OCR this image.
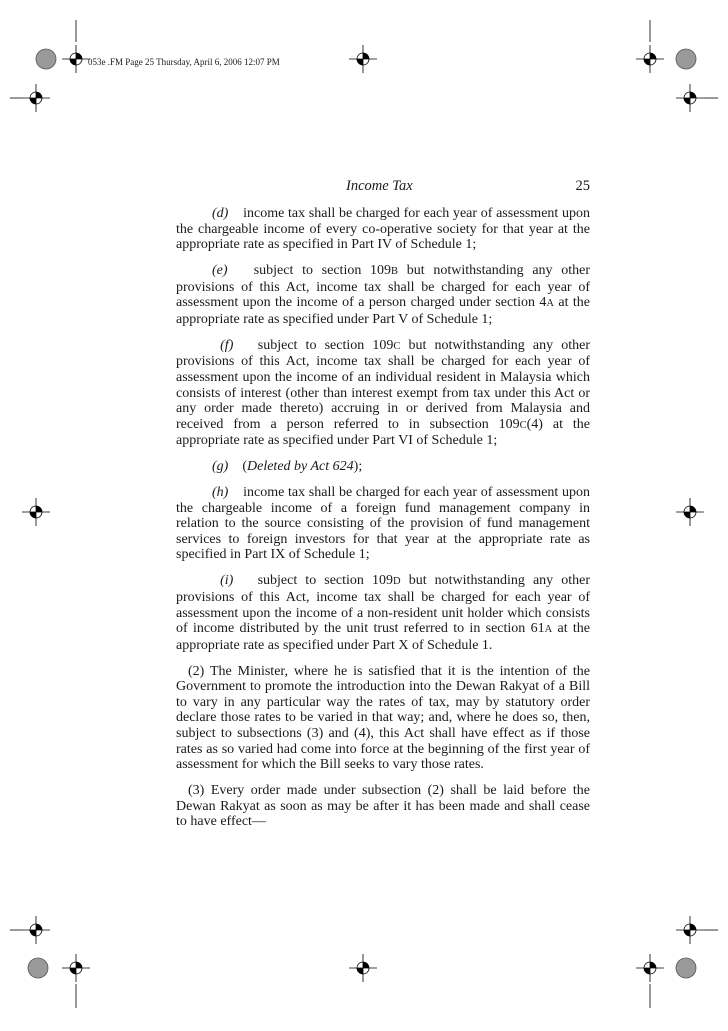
053e .FM Page 25 Thursday, April 6, 2006 12:07 PM
Income Tax	25

(d) income tax shall be charged for each year of assessment upon the chargeable income of every co-operative society for that year at the appropriate rate as specified in Part IV of Schedule 1;

(e) subject to section 109B but notwithstanding any other provisions of this Act, income tax shall be charged for each year of assessment upon the income of a person charged under section 4A at the appropriate rate as specified under Part V of Schedule 1;

(f) subject to section 109C but notwithstanding any other provisions of this Act, income tax shall be charged for each year of assessment upon the income of an individual resident in Malaysia which consists of interest (other than interest exempt from tax under this Act or any order made thereto) accruing in or derived from Malaysia and received from a person referred to in subsection 109C(4) at the appropriate rate as specified under Part VI of Schedule 1;

(g) (Deleted by Act 624);

(h) income tax shall be charged for each year of assessment upon the chargeable income of a foreign fund management company in relation to the source consisting of the provision of fund management services to foreign investors for that year at the appropriate rate as specified in Part IX of Schedule 1;

(i) subject to section 109D but notwithstanding any other provisions of this Act, income tax shall be charged for each year of assessment upon the income of a non-resident unit holder which consists of income distributed by the unit trust referred to in section 61A at the appropriate rate as specified under Part X of Schedule 1.

(2) The Minister, where he is satisfied that it is the intention of the Government to promote the introduction into the Dewan Rakyat of a Bill to vary in any particular way the rates of tax, may by statutory order declare those rates to be varied in that way; and, where he does so, then, subject to subsections (3) and (4), this Act shall have effect as if those rates as so varied had come into force at the beginning of the first year of assessment for which the Bill seeks to vary those rates.

(3) Every order made under subsection (2) shall be laid before the Dewan Rakyat as soon as may be after it has been made and shall cease to have effect—
